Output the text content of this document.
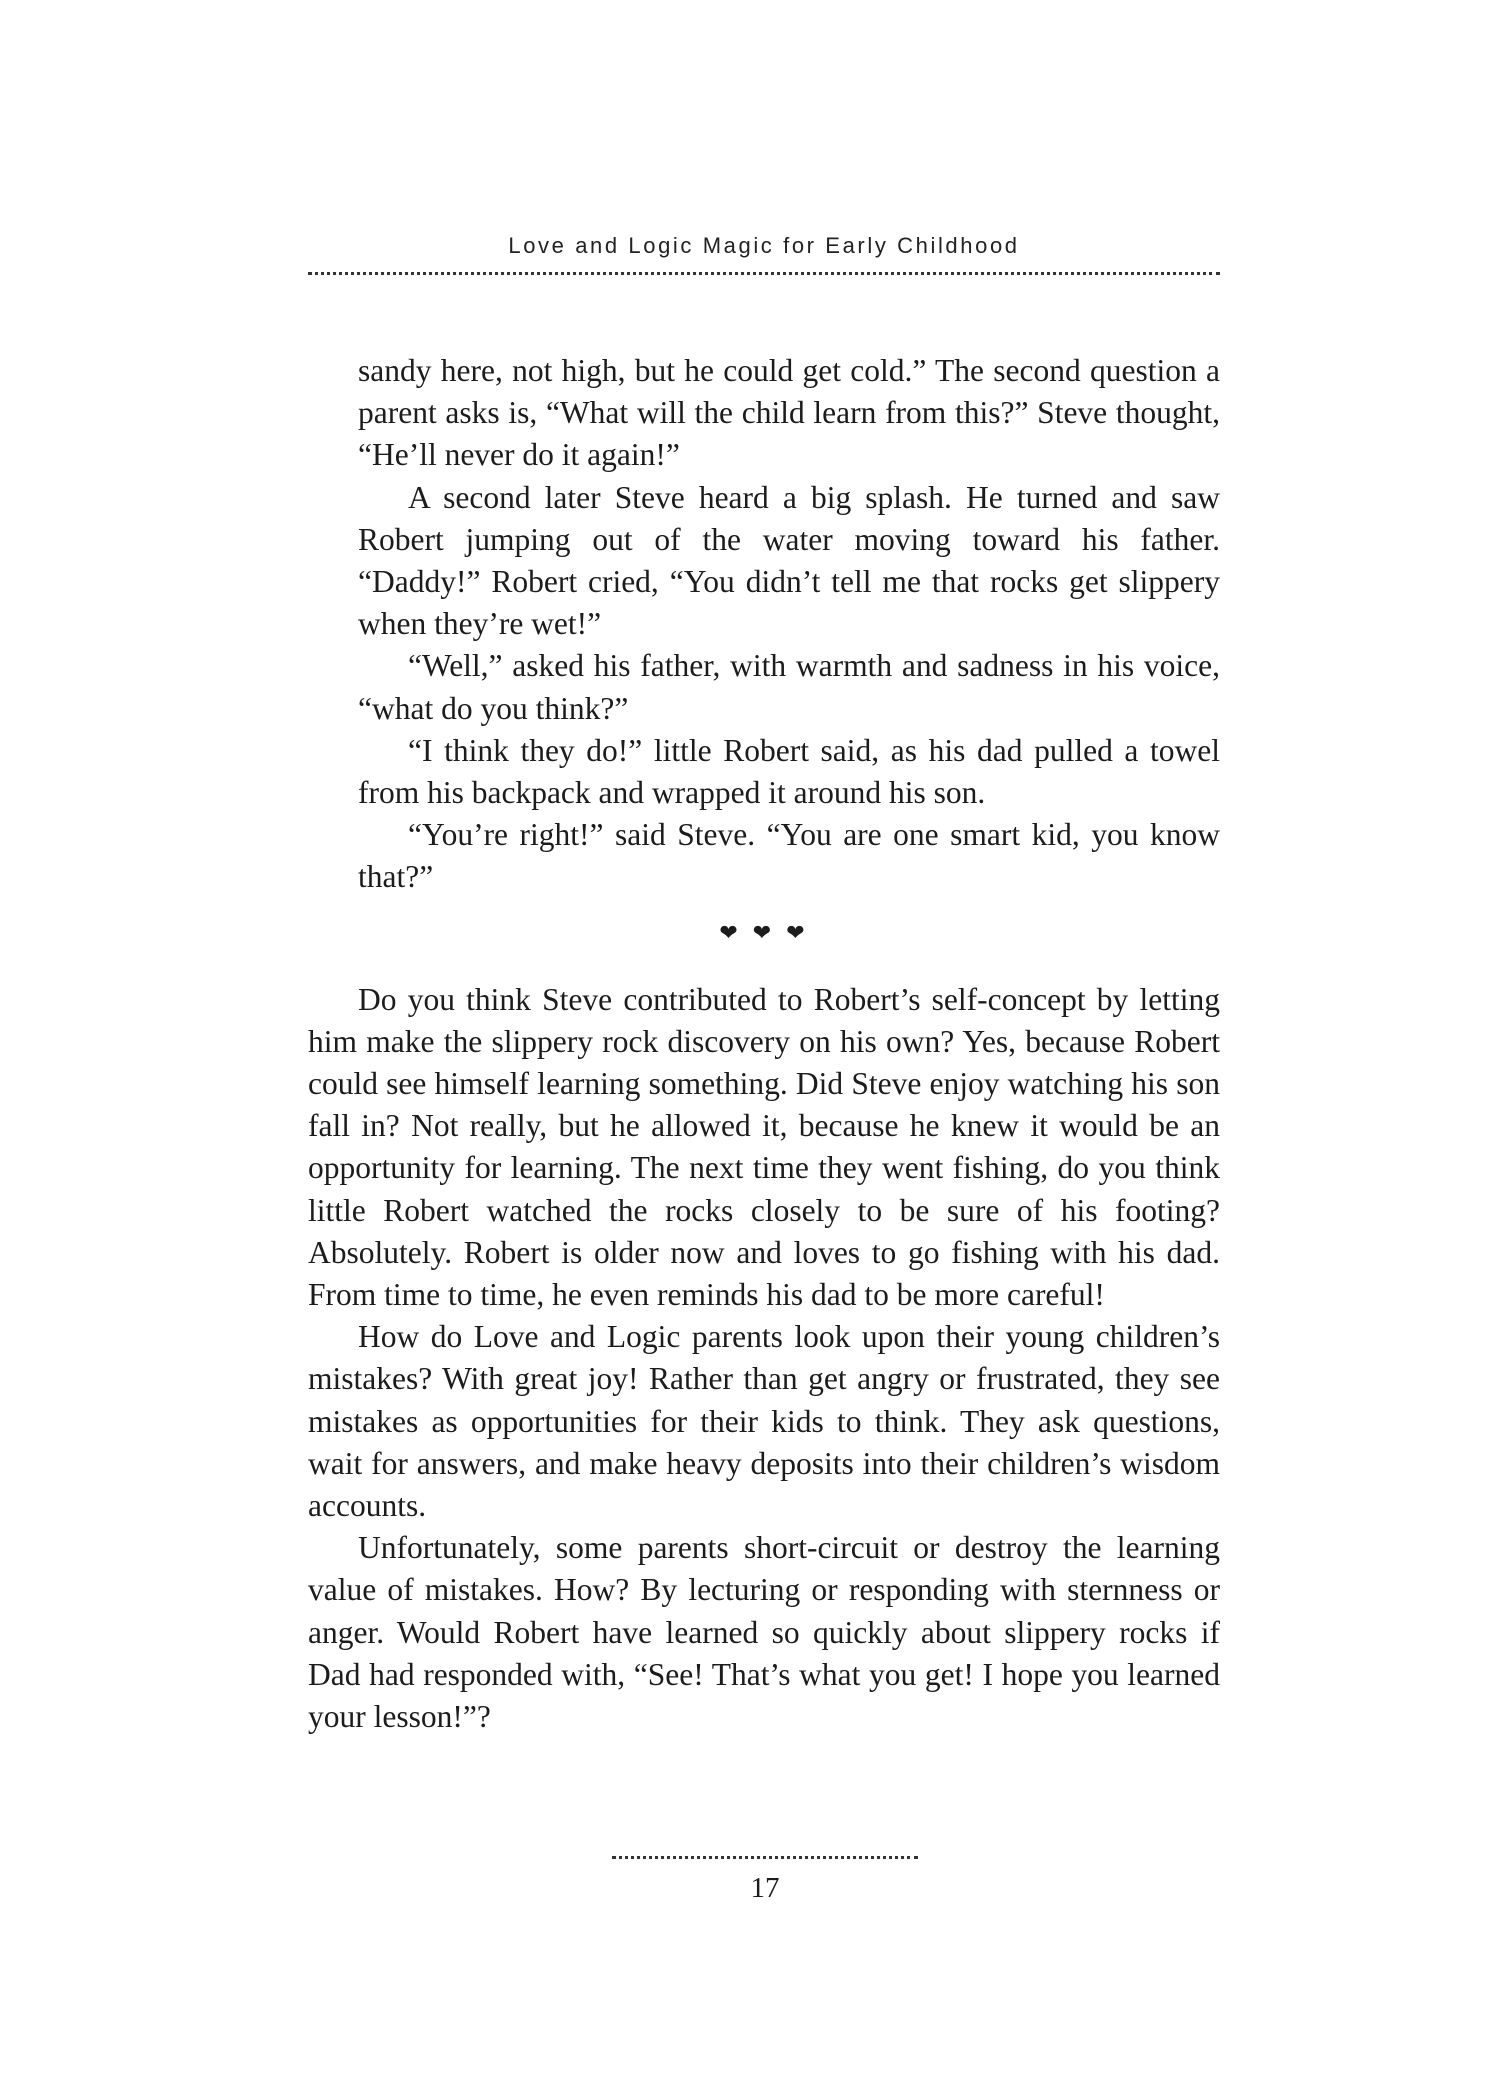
Love and Logic Magic for Early Childhood

sandy here, not high, but he could get cold.” The second question a parent asks is, “What will the child learn from this?” Steve thought, “He’ll never do it again!”

A second later Steve heard a big splash. He turned and saw Robert jumping out of the water moving toward his father. “Daddy!” Robert cried, “You didn’t tell me that rocks get slippery when they’re wet!”

“Well,” asked his father, with warmth and sadness in his voice, “what do you think?”

“I think they do!” little Robert said, as his dad pulled a towel from his backpack and wrapped it around his son.

“You’re right!” said Steve. “You are one smart kid, you know that?”

❤ ❤ ❤

Do you think Steve contributed to Robert’s self-concept by letting him make the slippery rock discovery on his own? Yes, because Robert could see himself learning something. Did Steve enjoy watching his son fall in? Not really, but he allowed it, because he knew it would be an opportunity for learning. The next time they went fishing, do you think little Robert watched the rocks closely to be sure of his footing? Absolutely. Robert is older now and loves to go fishing with his dad. From time to time, he even reminds his dad to be more careful!

How do Love and Logic parents look upon their young children’s mistakes? With great joy! Rather than get angry or frustrated, they see mistakes as opportunities for their kids to think. They ask questions, wait for answers, and make heavy deposits into their children’s wisdom accounts.

Unfortunately, some parents short-circuit or destroy the learning value of mistakes. How? By lecturing or responding with sternness or anger. Would Robert have learned so quickly about slippery rocks if Dad had responded with, “See! That’s what you get! I hope you learned your lesson!”?

17
